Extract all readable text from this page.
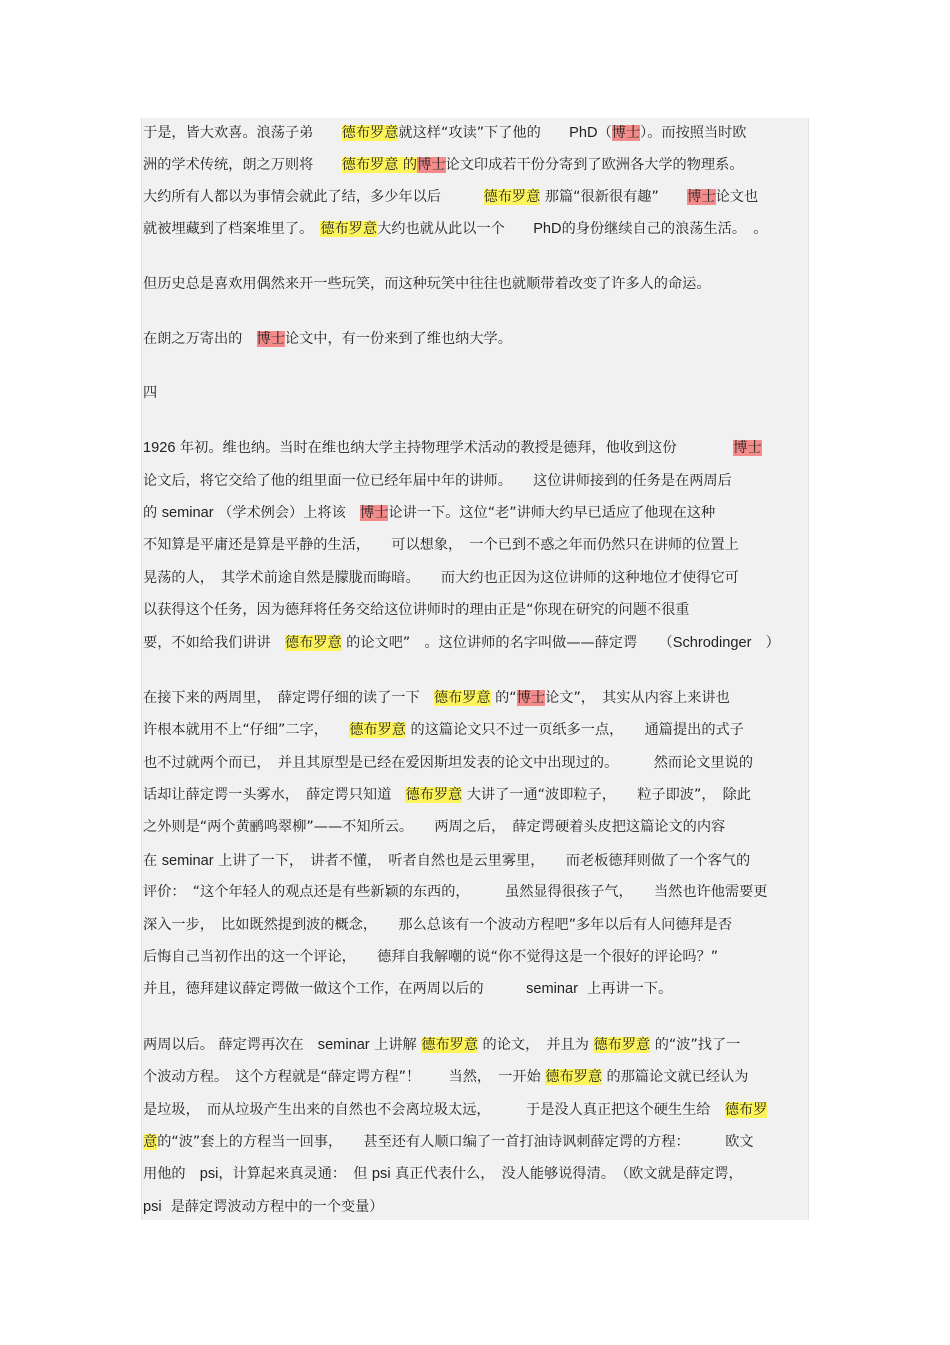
于是，皆大欢喜。浪荡子弟　　德布罗意就这样“攻读”下了他的　　PhD（博士）。而按照当时欧
洲的学术传统，朗之万则将　　德布罗意 的博士论文印成若干份分寄到了欧洲各大学的物理系。
大约所有人都以为事情会就此了结，多少年以后　　　德布罗意 那篇“很新很有趣”　　博士论文也
就被埋藏到了档案堆里了。　德布罗意大约也就从此以一个　　PhD的身份继续自己的浪荡生活。　。
但历史总是喜欢用偶然来开一些玩笑，而这种玩笑中往往也就顺带着改变了许多人的命运。
在朗之万寄出的　博士论文中，有一份来到了维也纳大学。
四
1926 年初。维也纳。当时在维也纳大学主持物理学术活动的教授是德拜，他收到这份　　　　博士
论文后，将它交给了他的组里面一位已经年届中年的讲师。　　这位讲师接到的任务是在两周后
的 seminar （学术例会）上将该　博士论讲一下。这位“老”讲师大约早已适应了他现在这种
不知算是平庸还是算是平静的生活，　　可以想象，　一个已到不惑之年而仍然只在讲师的位置上
晃荡的人，　其学术前途自然是朦胧而晦暗。　　而大约也正因为这位讲师的这种地位才使得它可
以获得这个任务，因为德拜将任务交给这位讲师时的理由正是“你现在研究的问题不很重
要，不如给我们讲讲　德布罗意 的论文吧”　。这位讲师的名字叫做——薛定谔　　（Schrodinger　）
在接下来的两周里，　薛定谔仔细的读了一下　德布罗意 的“博士论文”，　其实从内容上来讲也
许根本就用不上“仔细”二字，　　德布罗意 的这篇论文只不过一页纸多一点，　　通篇提出的式子
也不过就两个而已，　并且其原型是已经在爱因斯坦发表的论文中出现过的。　　　然而论文里说的
话却让薛定谔一头雾水，　薛定谔只知道　德布罗意 大讲了一通“波即粒子，　　粒子即波”，　除此
之外则是“两个黄鹂鸣翠柳”——不知所云。　　两周之后，　薛定谔硬着头皮把这篇论文的内容
在 seminar 上讲了一下，　讲者不懂，　听者自然也是云里雾里，　　而老板德拜则做了一个客气的
评价：　“这个年轻人的观点还是有些新颖的东西的，　　　虽然显得很孩子气，　　当然也许他需要更
深入一步，　比如既然提到波的概念，　　那么总该有一个波动方程吧”多年以后有人问德拜是否
后悔自己当初作出的这一个评论，　　德拜自我解嘲的说“你不觉得这是一个很好的评论吗？”
并且，德拜建议薛定谔做一做这个工作，在两周以后的　　　seminar  上再讲一下。
两周以后。 薛定谔再次在　seminar 上讲解 德布罗意 的论文，　并且为 德布罗意 的“波”找了一
个波动方程。　这个方程就是“薛定谔方程”！　　当然，　一开始 德布罗意 的那篇论文就已经认为
是垃圾，　而从垃圾产生出来的自然也不会离垃圾太远，　　　于是没人真正把这个硬生生给　德布罗
意的“波”套上的方程当一回事，　　甚至还有人顺口编了一首打油诗讽刺薛定谔的方程：　　　欧文
用他的　psi，计算起来真灵通：　但 psi 真正代表什么，　没人能够说得清。　（欧文就是薛定谔，
psi  是薛定谔波动方程中的一个变量）
